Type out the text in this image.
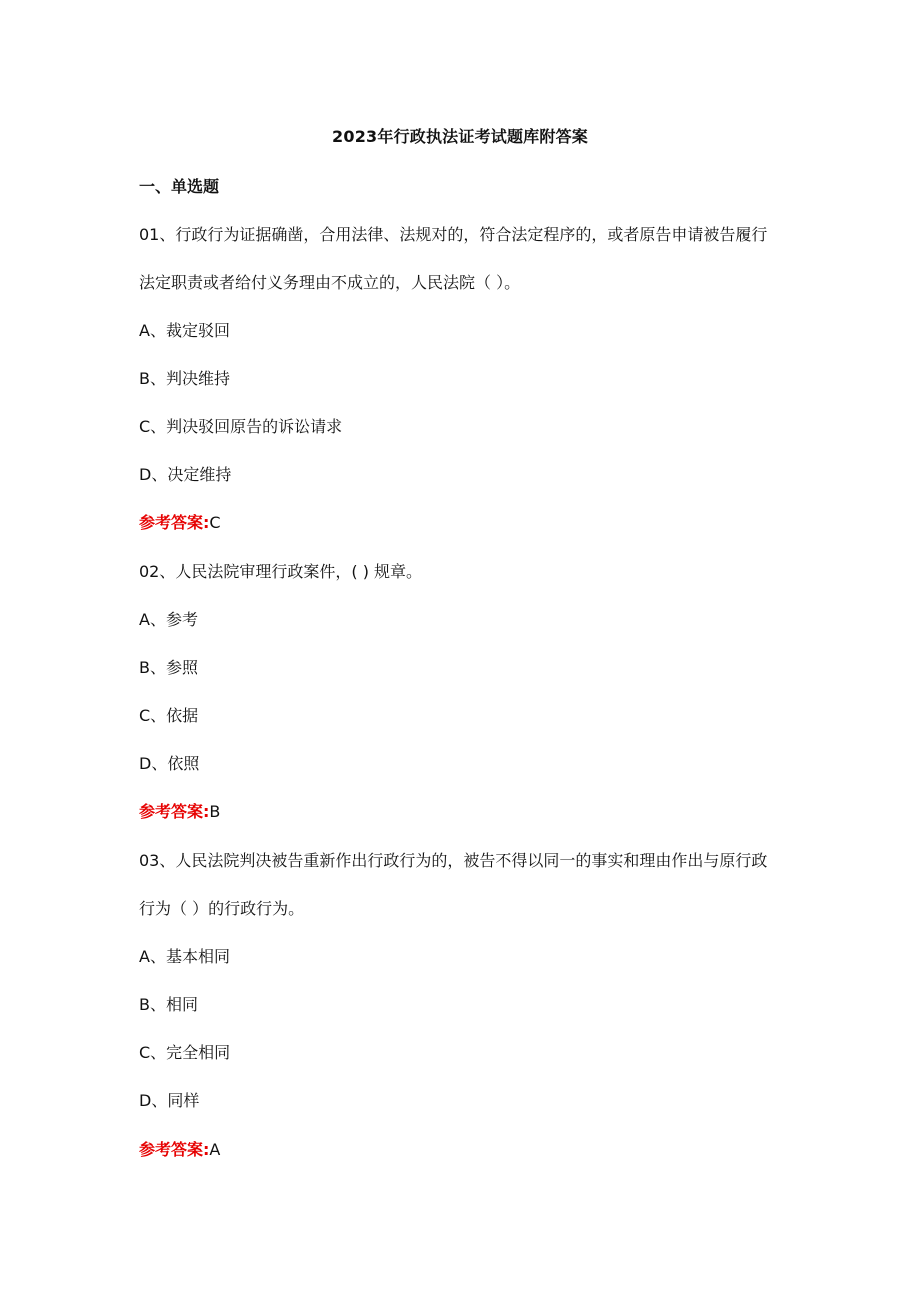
2023年行政执法证考试题库附答案
一、单选题
01、行政行为证据确凿，合用法律、法规对的，符合法定程序的，或者原告申请被告履行
法定职责或者给付义务理由不成立的，人民法院（ ）。
A、裁定驳回
B、判决维持
C、判决驳回原告的诉讼请求
D、决定维持
参考答案:C
02、人民法院审理行政案件，( ) 规章。
A、参考
B、参照
C、依据
D、依照
参考答案:B
03、人民法院判决被告重新作出行政行为的，被告不得以同一的事实和理由作出与原行政
行为（ ）的行政行为。
A、基本相同
B、相同
C、完全相同
D、同样
参考答案:A
